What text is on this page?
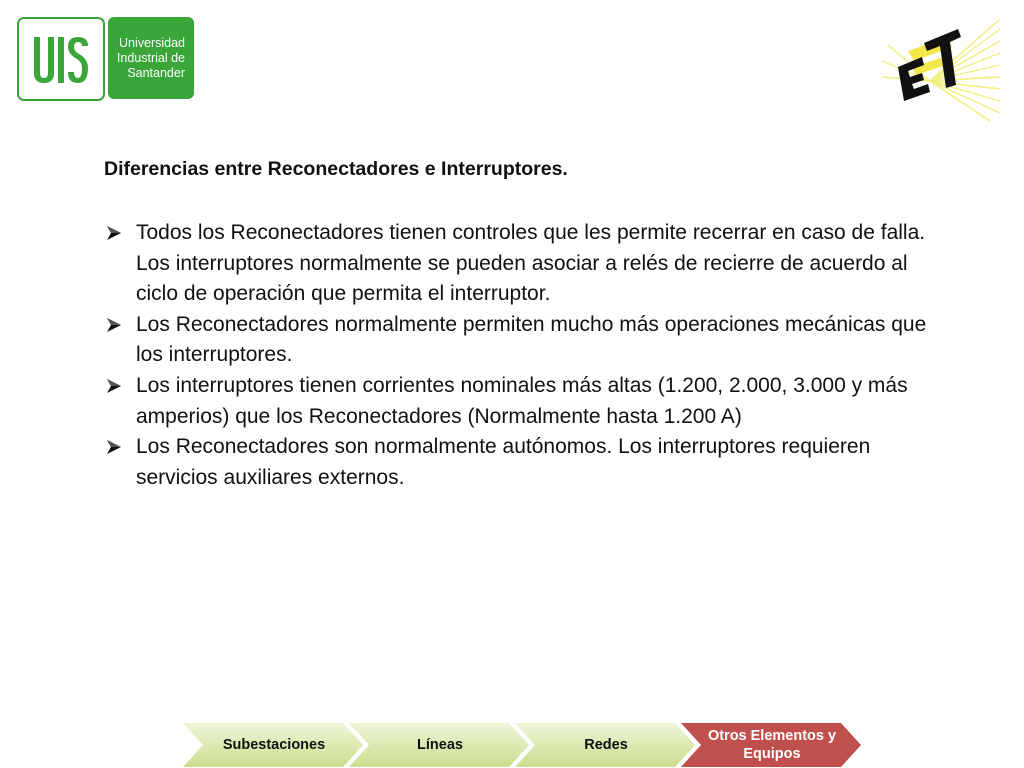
Universidad
Industrial de
Santander
Diferencias entre Reconectadores e Interruptores.
Todos los Reconectadores tienen controles que les permite recerrar en caso de falla. Los interruptores normalmente se pueden asociar a relés de recierre de acuerdo al ciclo de operación que permita el interruptor.
Los Reconectadores normalmente permiten mucho más operaciones mecánicas que los interruptores.
Los interruptores tienen corrientes nominales más altas (1.200, 2.000, 3.000 y más amperios) que los Reconectadores (Normalmente hasta 1.200 A)
Los Reconectadores son normalmente autónomos. Los interruptores requieren servicios auxiliares externos.
Subestaciones	Líneas	Redes
Otros Elementos y Equipos
